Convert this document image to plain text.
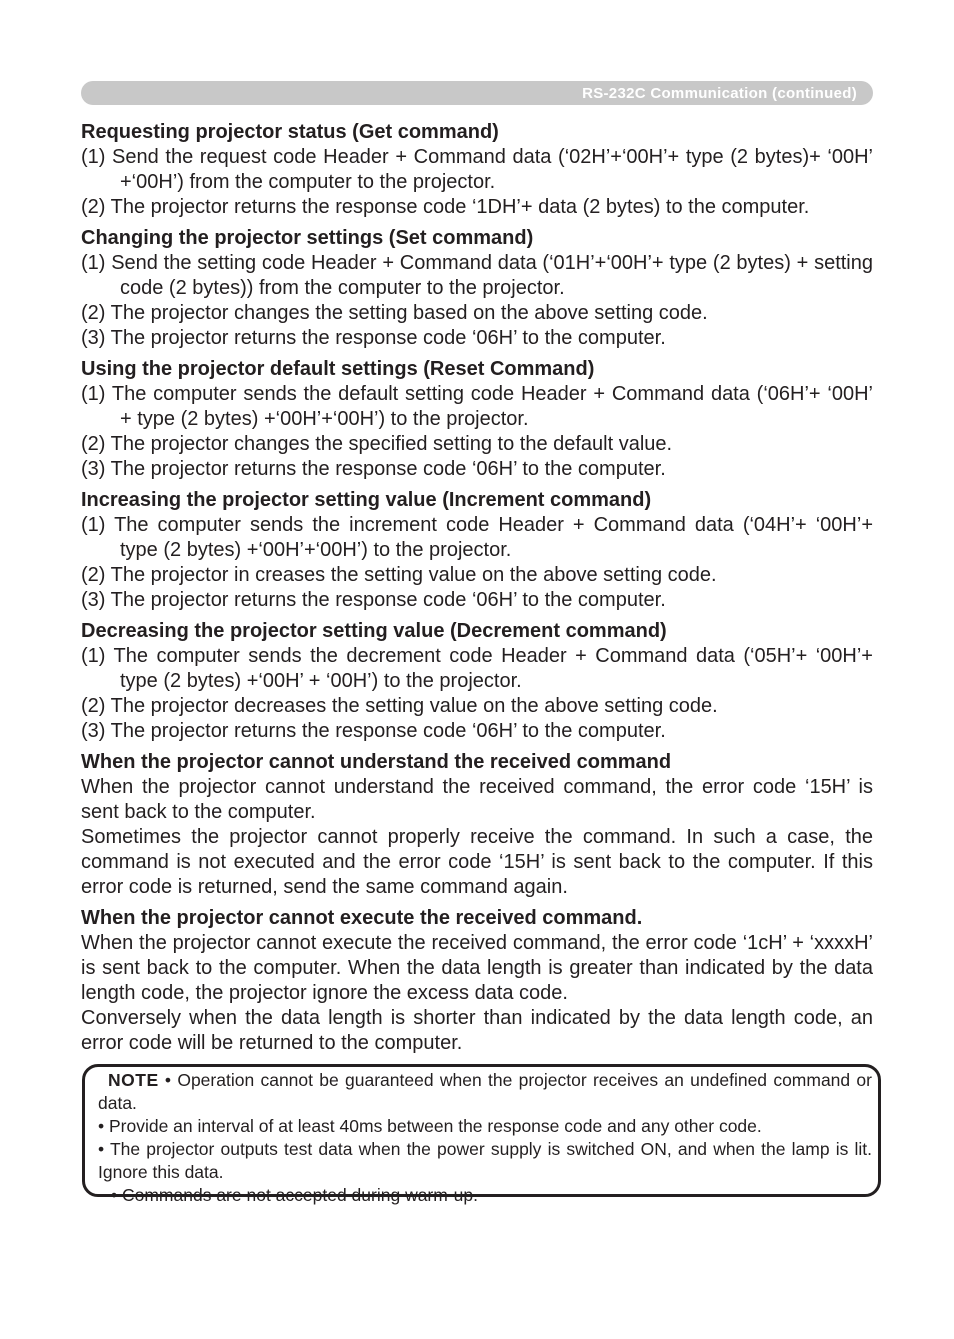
RS-232C Communication (continued)
Requesting projector status (Get command)
(1) Send the request code Header + Command data (‘02H’+‘00H’+ type (2 bytes)+ ‘00H’ +‘00H’) from the computer to the projector.
(2) The projector returns the response code ‘1DH’+ data (2 bytes) to the computer.
Changing the projector settings (Set command)
(1) Send the setting code Header + Command data (‘01H’+‘00H’+ type (2 bytes) + setting code (2 bytes)) from the computer to the projector.
(2) The projector changes the setting based on the above setting code.
(3) The projector returns the response code ‘06H’ to the computer.
Using the projector default settings (Reset Command)
(1) The computer sends the default setting code Header + Command data (‘06H’+ ‘00H’ + type (2 bytes) +‘00H’+‘00H’) to the projector.
(2) The projector changes the specified setting to the default value.
(3) The projector returns the response code ‘06H’ to the computer.
Increasing the projector setting value (Increment command)
(1) The computer sends the increment code Header + Command data (‘04H’+ ‘00H’+ type (2 bytes) +‘00H’+‘00H’) to the projector.
(2) The projector in creases the setting value on the above setting code.
(3) The projector returns the response code ‘06H’ to the computer.
Decreasing the projector setting value (Decrement command)
(1) The computer sends the decrement code Header + Command data (‘05H’+ ‘00H’+ type (2 bytes) +‘00H’ + ‘00H’) to the projector.
(2) The projector decreases the setting value on the above setting code.
(3) The projector returns the response code ‘06H’ to the computer.
When the projector cannot understand the received command
When the projector cannot understand the received command, the error code ‘15H’ is sent back to the computer.
Sometimes the projector cannot properly receive the command. In such a case, the command is not executed and the error code ‘15H’ is sent back to the computer. If this error code is returned, send the same command again.
When the projector cannot execute the received command.
When the projector cannot execute the received command, the error code ‘1cH’ + ‘xxxxH’ is sent back to the computer. When the data length is greater than indicated by the data length code, the projector ignore the excess data code.
Conversely when the data length is shorter than indicated by the data length code, an error code will be returned to the computer.

NOTE • Operation cannot be guaranteed when the projector receives an undefined command or data.

• Provide an interval of at least 40ms between the response code and any other code.

• The projector outputs test data when the power supply is switched ON, and when the lamp is lit. Ignore this data.

• Commands are not accepted during warm-up.
